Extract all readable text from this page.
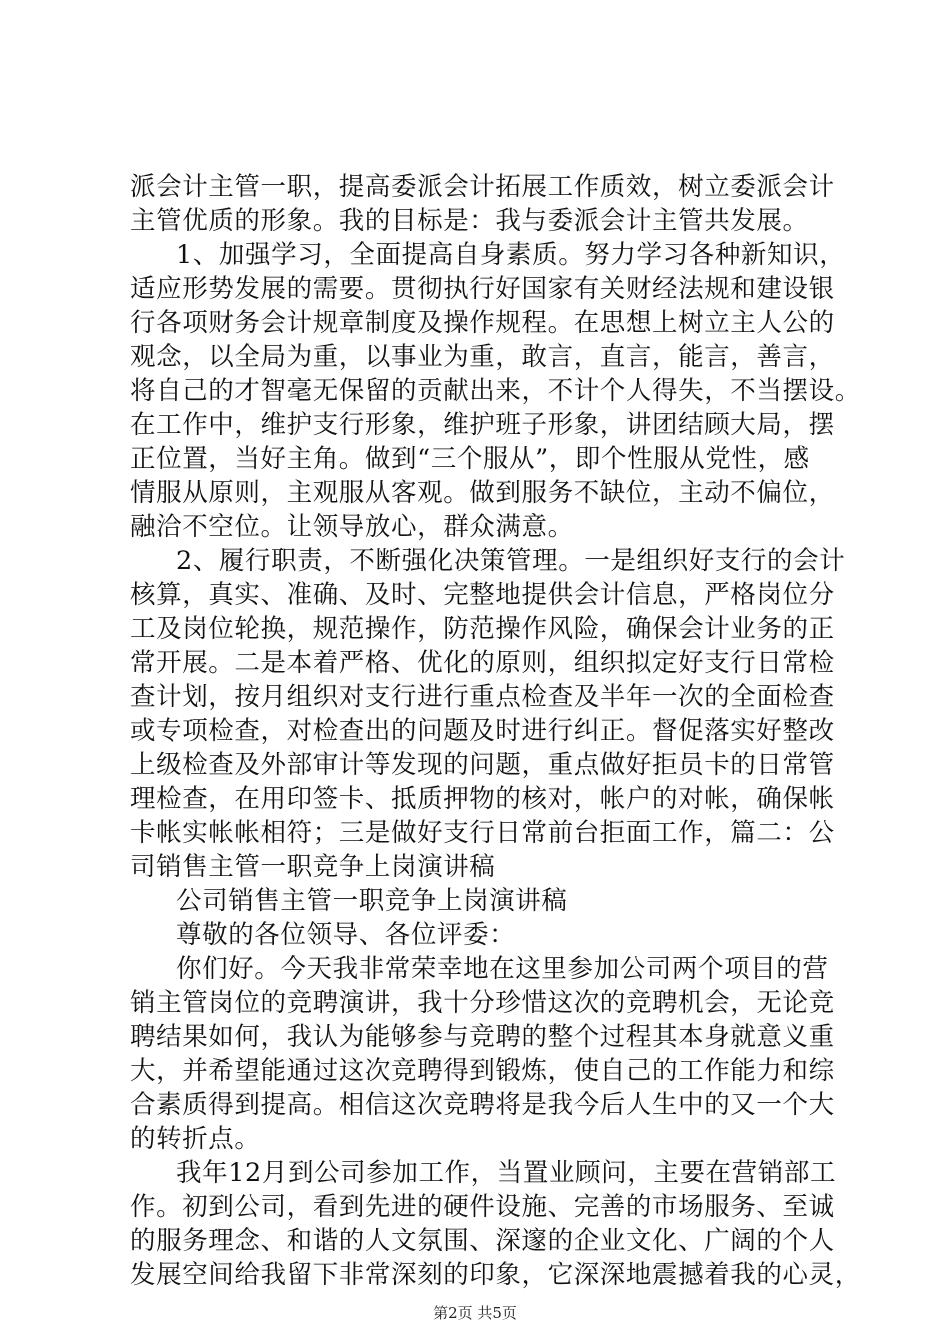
派会计主管一职，提高委派会计拓展工作质效，树立委派会计
主管优质的形象。我的目标是：我与委派会计主管共发展。
1、加强学习，全面提高自身素质。努力学习各种新知识，
适应形势发展的需要。贯彻执行好国家有关财经法规和建设银
行各项财务会计规章制度及操作规程。在思想上树立主人公的
观念，以全局为重，以事业为重，敢言，直言，能言，善言，
将自己的才智毫无保留的贡献出来，不计个人得失，不当摆设。
在工作中，维护支行形象，维护班子形象，讲团结顾大局，摆
正位置，当好主角。做到“三个服从”，即个性服从党性，感
情服从原则，主观服从客观。做到服务不缺位，主动不偏位，
融洽不空位。让领导放心，群众满意。
2、履行职责，不断强化决策管理。一是组织好支行的会计
核算，真实、准确、及时、完整地提供会计信息，严格岗位分
工及岗位轮换，规范操作，防范操作风险，确保会计业务的正
常开展。二是本着严格、优化的原则，组织拟定好支行日常检
查计划，按月组织对支行进行重点检查及半年一次的全面检查
或专项检查，对检查出的问题及时进行纠正。督促落实好整改
上级检查及外部审计等发现的问题，重点做好拒员卡的日常管
理检查，在用印签卡、抵质押物的核对，帐户的对帐，确保帐
卡帐实帐帐相符；三是做好支行日常前台拒面工作，篇二：公
司销售主管一职竞争上岗演讲稿
公司销售主管一职竞争上岗演讲稿
尊敬的各位领导、各位评委：
你们好。今天我非常荣幸地在这里参加公司两个项目的营
销主管岗位的竞聘演讲，我十分珍惜这次的竞聘机会，无论竞
聘结果如何，我认为能够参与竞聘的整个过程其本身就意义重
大，并希望能通过这次竞聘得到锻炼，使自己的工作能力和综
合素质得到提高。相信这次竞聘将是我今后人生中的又一个大
的转折点。
我年12月到公司参加工作，当置业顾问，主要在营销部工
作。初到公司，看到先进的硬件设施、完善的市场服务、至诚
的服务理念、和谐的人文氛围、深邃的企业文化、广阔的个人
发展空间给我留下非常深刻的印象，它深深地震撼着我的心灵，
第2页 共5页
